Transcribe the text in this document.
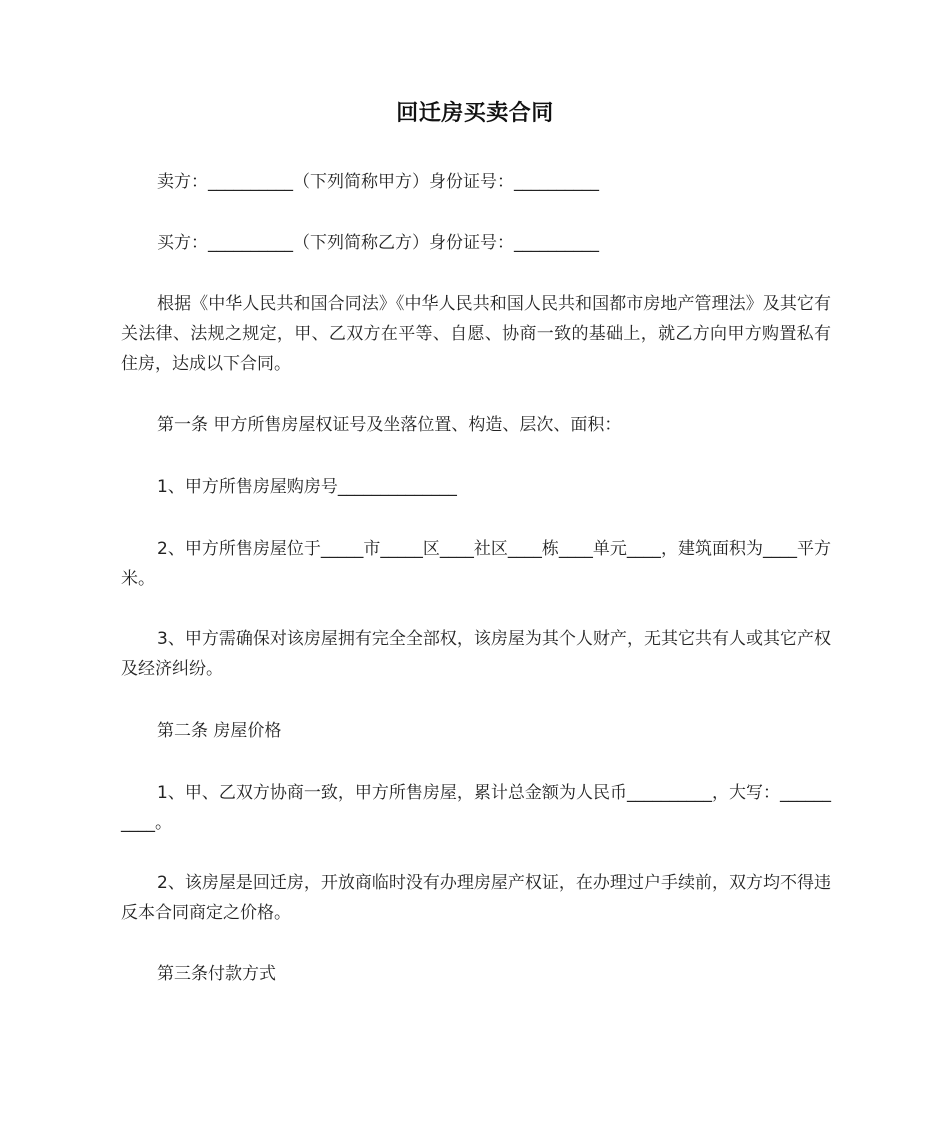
回迁房买卖合同
卖方：__________（下列简称甲方）身份证号：__________
买方：__________（下列简称乙方）身份证号：__________
根据《中华人民共和国合同法》《中华人民共和国人民共和国都市房地产管理法》及其它有关法律、法规之规定，甲、乙双方在平等、自愿、协商一致的基础上，就乙方向甲方购置私有住房，达成以下合同。
第一条 甲方所售房屋权证号及坐落位置、构造、层次、面积：
1、甲方所售房屋购房号______________
2、甲方所售房屋位于_____市_____区____社区____栋____单元____，建筑面积为____平方米。
3、甲方需确保对该房屋拥有完全全部权，该房屋为其个人财产，无其它共有人或其它产权及经济纠纷。
第二条 房屋价格
1、甲、乙双方协商一致，甲方所售房屋，累计总金额为人民币__________，大写：__________。
2、该房屋是回迁房，开放商临时没有办理房屋产权证，在办理过户手续前，双方均不得违反本合同商定之价格。
第三条付款方式
